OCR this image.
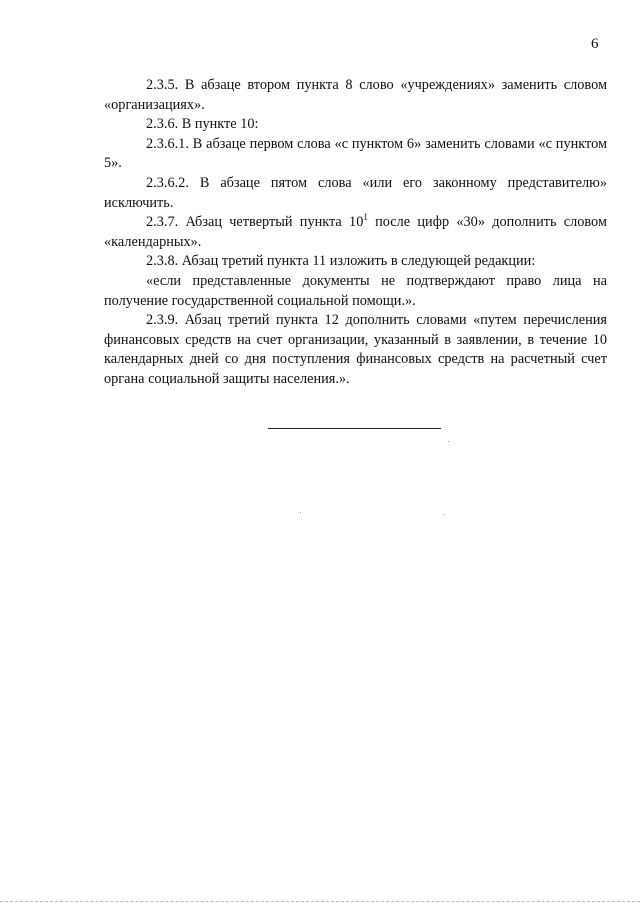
6

2.3.5. В абзаце втором пункта 8 слово «учреждениях» заменить словом «организациях».

2.3.6. В пункте 10:

2.3.6.1. В абзаце первом слова «с пунктом 6» заменить словами «с пунктом 5».

2.3.6.2. В абзаце пятом слова «или его законному представителю» исключить.

2.3.7. Абзац четвертый пункта $10^1$ после цифр «30» дополнить словом «календарных».

2.3.8. Абзац третий пункта 11 изложить в следующей редакции:

«если представленные документы не подтверждают право лица на получение государственной социальной помощи.».

2.3.9. Абзац третий пункта 12 дополнить словами «путем перечисления финансовых средств на счет организации, указанный в заявлении, в течение 10 календарных дней со дня поступления финансовых средств на расчетный счет органа социальной защиты населения.».
